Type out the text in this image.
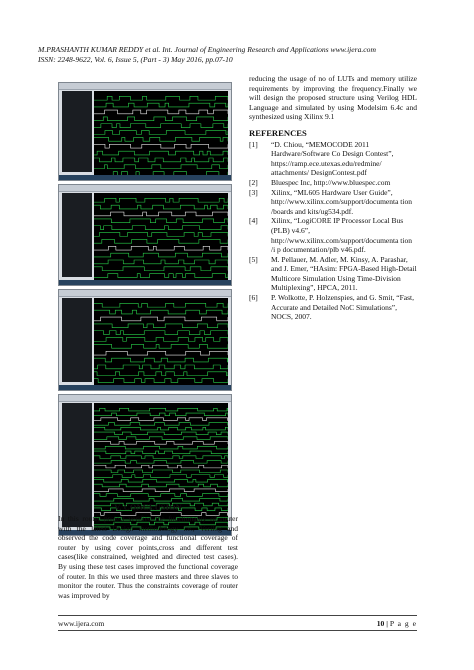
M.PRASHANTH KUMAR REDDY et al. Int. Journal of Engineering Research and Applications www.ijera.com
ISSN: 2248-9622, Vol. 6, Issue 5, (Part - 3) May 2016, pp.07-10
V. CONCLUSION
In this router project verified the functionality of router with the latest Design methodology i.e., Verilog and observed the code coverage and functional coverage of router by using cover points,cross and different test cases(like constrained, weighted and directed test cases). By using these test cases improved the functional coverage of router. In this we used three masters and three slaves to monitor the router. Thus the constraints coverage of router was improved by
reducing the usage of no of LUTs and memory utilize requirements by improving the frequency.Finally we will design the proposed structure using Verilog HDL Language and simulated by using Modelsim 6.4c and synthesized using Xilinx 9.1
REFERENCES
[1]	“D. Chiou, “MEMOCODE 2011 Hardware/Software Co Design Contest”, https://ramp.ece.utexas.edu/redmine/ attachments/ DesignContest.pdf
[2]	Bluespec Inc, http://www.bluespec.com
[3]	Xilinx, “ML605 Hardware User Guide”, http://www.xilinx.com/support/documenta tion /boards and kits/ug534.pdf.
[4]	Xilinx, “LogiCORE IP Processor Local Bus (PLB) v4.6”, http://www.xilinx.com/support/documenta tion /i p documentation/plb v46.pdf.
[5]	M. Pellauer, M. Adler, M. Kinsy, A. Parashar, and J. Emer, “HAsim: FPGA-Based High-Detail Multicore Simulation Using Time-Division Multiplexing”, HPCA, 2011.
[6]	P. Wolkotte, P. Holzenspies, and G. Smit, “Fast, Accurate and Detailed NoC Simulations”, NOCS, 2007.
www.ijera.com	10 | P a g e
